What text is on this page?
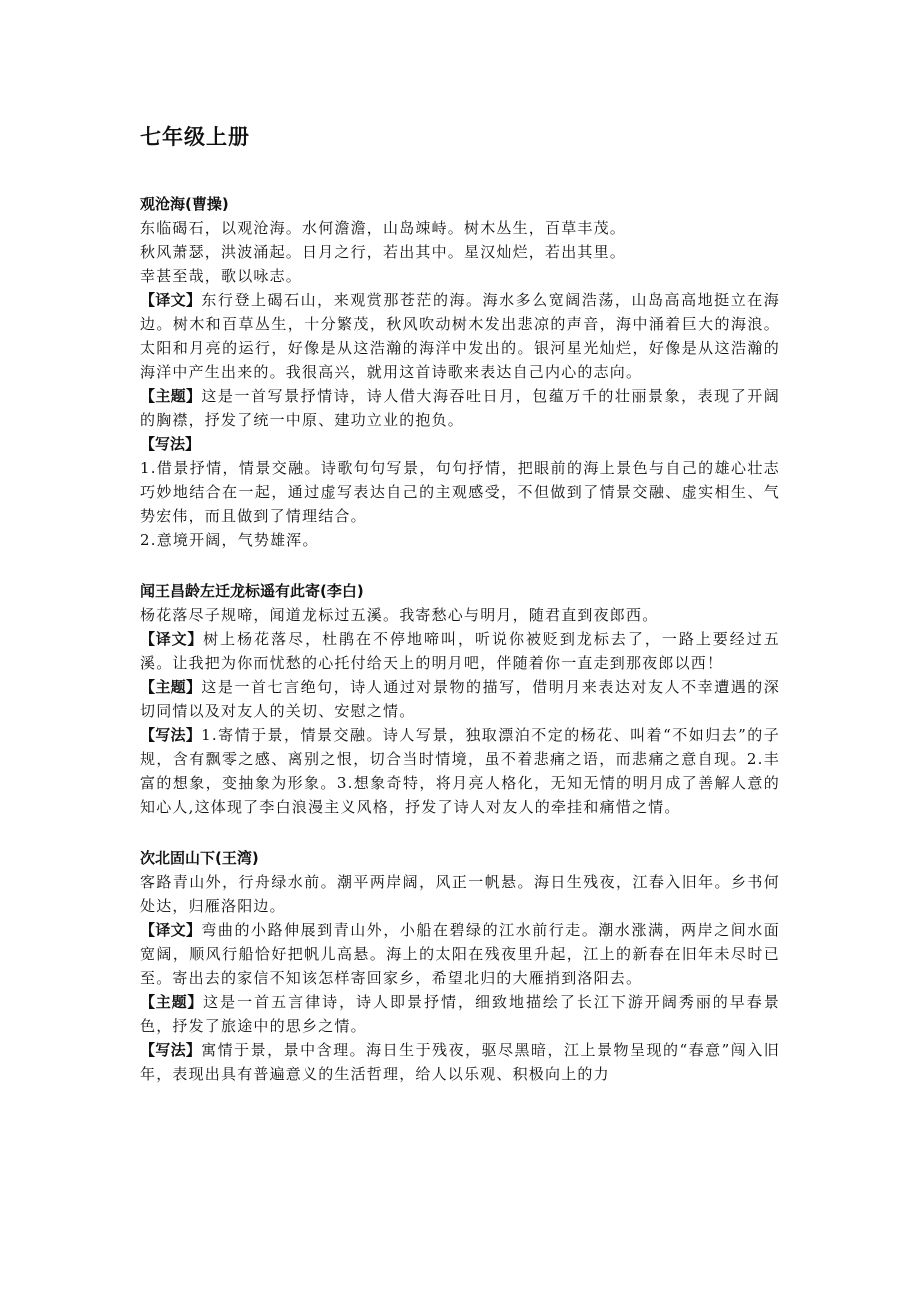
七年级上册
观沧海(曹操)

东临碣石，以观沧海。水何澹澹，山岛竦峙。树木丛生，百草丰茂。

秋风萧瑟，洪波涌起。日月之行，若出其中。星汉灿烂，若出其里。

幸甚至哉，歌以咏志。

【译文】东行登上碣石山，来观赏那苍茫的海。海水多么宽阔浩荡，山岛高高地挺立在海边。树木和百草丛生，十分繁茂，秋风吹动树木发出悲凉的声音，海中涌着巨大的海浪。太阳和月亮的运行，好像是从这浩瀚的海洋中发出的。银河星光灿烂，好像是从这浩瀚的海洋中产生出来的。我很高兴，就用这首诗歌来表达自己内心的志向。

【主题】这是一首写景抒情诗，诗人借大海吞吐日月，包蕴万千的壮丽景象，表现了开阔的胸襟，抒发了统一中原、建功立业的抱负。

【写法】

1.借景抒情，情景交融。诗歌句句写景，句句抒情，把眼前的海上景色与自己的雄心壮志巧妙地结合在一起，通过虚写表达自己的主观感受，不但做到了情景交融、虚实相生、气势宏伟，而且做到了情理结合。

2.意境开阔，气势雄浑。

闻王昌龄左迁龙标遥有此寄(李白)

杨花落尽子规啼，闻道龙标过五溪。我寄愁心与明月，随君直到夜郎西。

【译文】树上杨花落尽，杜鹃在不停地啼叫，听说你被贬到龙标去了，一路上要经过五溪。让我把为你而忧愁的心托付给天上的明月吧，伴随着你一直走到那夜郎以西！

【主题】这是一首七言绝句，诗人通过对景物的描写，借明月来表达对友人不幸遭遇的深切同情以及对友人的关切、安慰之情。

【写法】1.寄情于景，情景交融。诗人写景，独取漂泊不定的杨花、叫着“不如归去”的子规，含有飘零之感、离别之恨，切合当时情境，虽不着悲痛之语，而悲痛之意自现。2.丰富的想象，变抽象为形象。3.想象奇特，将月亮人格化，无知无情的明月成了善解人意的知心人,这体现了李白浪漫主义风格，抒发了诗人对友人的牵挂和痛惜之情。

次北固山下(王湾)

客路青山外，行舟绿水前。潮平两岸阔，风正一帆悬。海日生残夜，江春入旧年。乡书何处达，归雁洛阳边。

【译文】弯曲的小路伸展到青山外，小船在碧绿的江水前行走。潮水涨满，两岸之间水面宽阔，顺风行船恰好把帆儿高悬。海上的太阳在残夜里升起，江上的新春在旧年未尽时已至。寄出去的家信不知该怎样寄回家乡，希望北归的大雁捎到洛阳去。

【主题】这是一首五言律诗，诗人即景抒情，细致地描绘了长江下游开阔秀丽的早春景色，抒发了旅途中的思乡之情。

【写法】寓情于景，景中含理。海日生于残夜，驱尽黑暗，江上景物呈现的“春意”闯入旧年，表现出具有普遍意义的生活哲理，给人以乐观、积极向上的力
